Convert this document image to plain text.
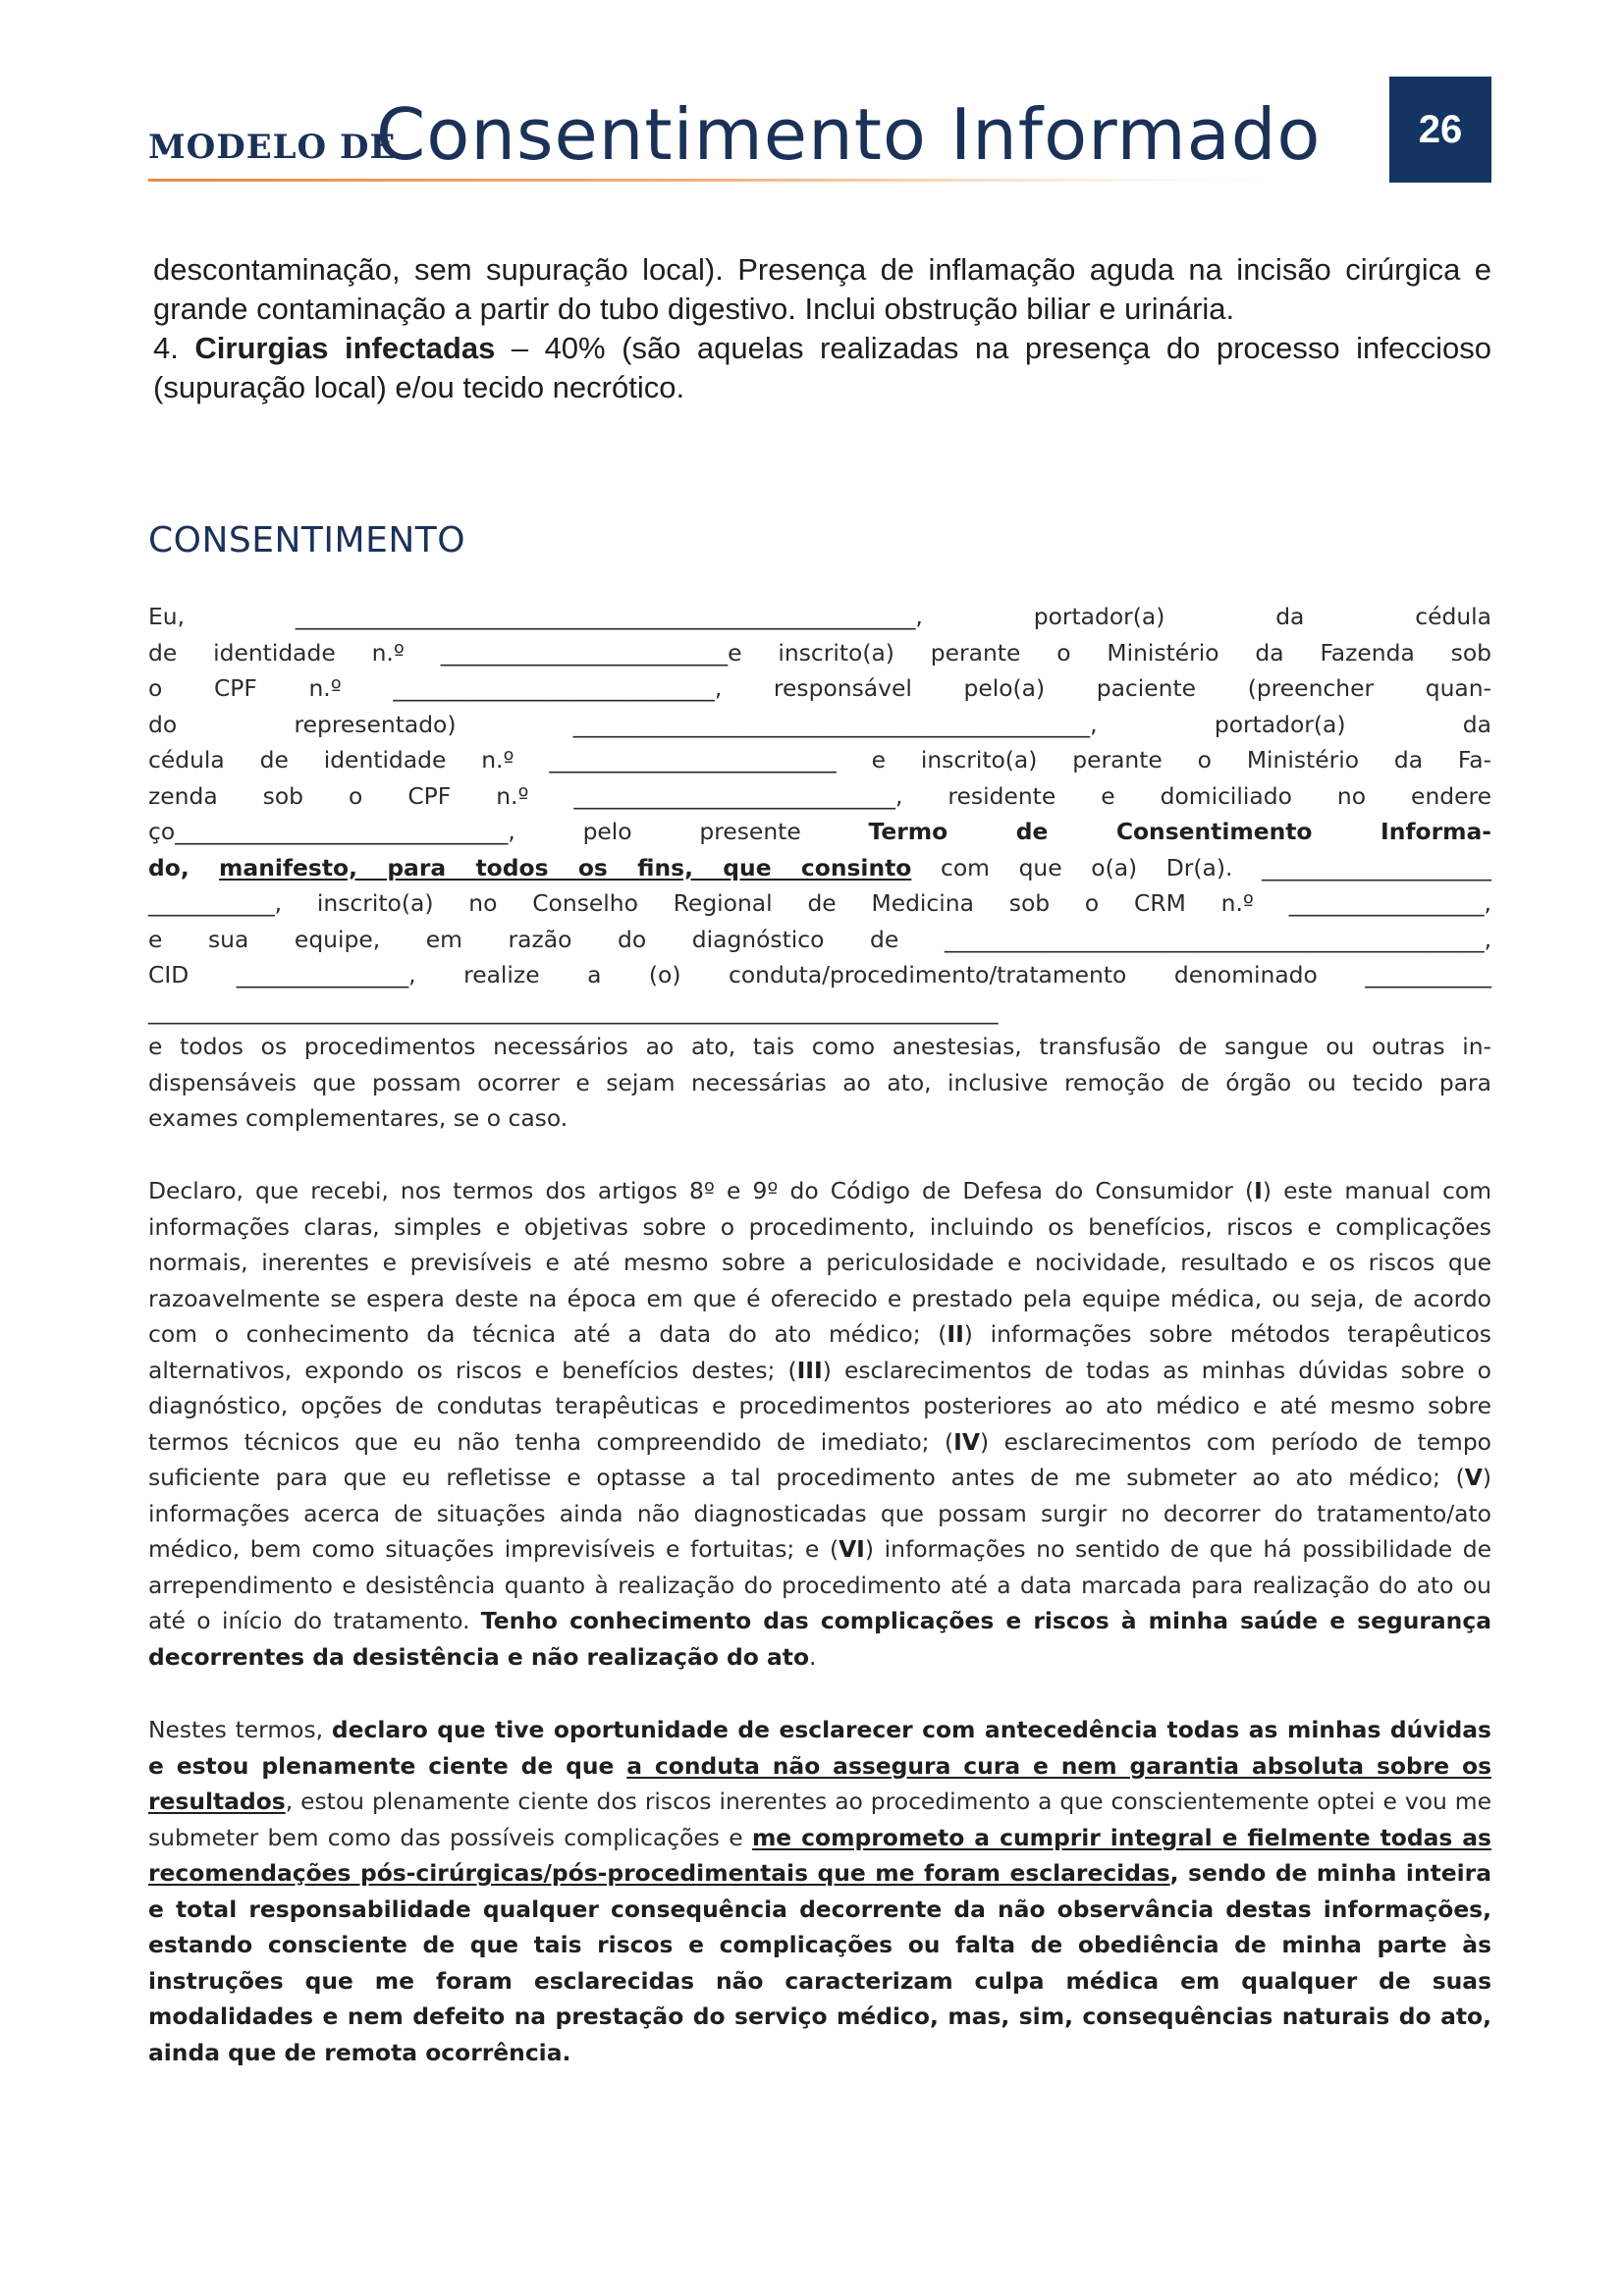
MODELO DE
Consentimento Informado	26

descontaminação, sem supuração local). Presença de inflamação aguda na incisão cirúrgica e grande contaminação a partir do tubo digestivo. Inclui obstrução biliar e urinária.

4. Cirurgias infectadas – 40% (são aquelas realizadas na presença do processo infeccioso (supuração local) e/ou tecido necrótico.

CONSENTIMENTO

Eu, ______________________________________________________, portador(a) da cédula

de identidade n.º _________________________e inscrito(a) perante o Ministério da Fazenda sob

o CPF n.º ____________________________, responsável pelo(a) paciente (preencher quan-

do representado) _____________________________________________, portador(a) da

cédula de identidade n.º _________________________ e inscrito(a) perante o Ministério da Fa-

zenda sob o CPF n.º ____________________________, residente e domiciliado no endere

ço_____________________________, pelo presente Termo de Consentimento Informa-

do, manifesto, para todos os fins, que consinto com que o(a) Dr(a). ____________________

___________, inscrito(a) no Conselho Regional de Medicina sob o CRM n.º _________________,

e sua equipe, em razão do diagnóstico de _______________________________________________,

CID _______________, realize a (o) conduta/procedimento/tratamento denominado ___________

__________________________________________________________________________

e todos os procedimentos necessários ao ato, tais como anestesias, transfusão de sangue ou outras in-

dispensáveis que possam ocorrer e sejam necessárias ao ato, inclusive remoção de órgão ou tecido para

exames complementares, se o caso.

Declaro, que recebi, nos termos dos artigos 8º e 9º do Código de Defesa do Consumidor (I) este manual com informações claras, simples e objetivas sobre o procedimento, incluindo os benefícios, riscos e complicações normais, inerentes e previsíveis e até mesmo sobre a periculosidade e nocividade, resultado e os riscos que razoavelmente se espera deste na época em que é oferecido e prestado pela equipe médica, ou seja, de acordo com o conhecimento da técnica até a data do ato médico; (II) informações sobre métodos terapêuticos alternativos, expondo os riscos e benefícios destes; (III) esclarecimentos de todas as minhas dúvidas sobre o diagnóstico, opções de condutas terapêuticas e procedimentos posteriores ao ato médico e até mesmo sobre termos técnicos que eu não tenha compreendido de imediato; (IV) esclarecimentos com período de tempo suficiente para que eu refletisse e optasse a tal procedimento antes de me submeter ao ato médico; (V) informações acerca de situações ainda não diagnosticadas que possam surgir no decorrer do tratamento/ato médico, bem como situações imprevisíveis e fortuitas; e (VI) informações no sentido de que há possibilidade de arrependimento e desistência quanto à realização do procedimento até a data marcada para realização do ato ou até o início do tratamento. Tenho conhecimento das complicações e riscos à minha saúde e segurança decorrentes da desistência e não realização do ato.

Nestes termos, declaro que tive oportunidade de esclarecer com antecedência todas as minhas dúvidas e estou plenamente ciente de que a conduta não assegura cura e nem garantia absoluta sobre os resultados, estou plenamente ciente dos riscos inerentes ao procedimento a que conscientemente optei e vou me submeter bem como das possíveis complicações e me comprometo a cumprir integral e fielmente todas as recomendações pós-cirúrgicas/pós-procedimentais que me foram esclarecidas, sendo de minha inteira e total responsabilidade qualquer consequência decorrente da não observância destas informações, estando consciente de que tais riscos e complicações ou falta de obediência de minha parte às instruções que me foram esclarecidas não caracterizam culpa médica em qualquer de suas modalidades e nem defeito na prestação do serviço médico, mas, sim, consequências naturais do ato, ainda que de remota ocorrência.
